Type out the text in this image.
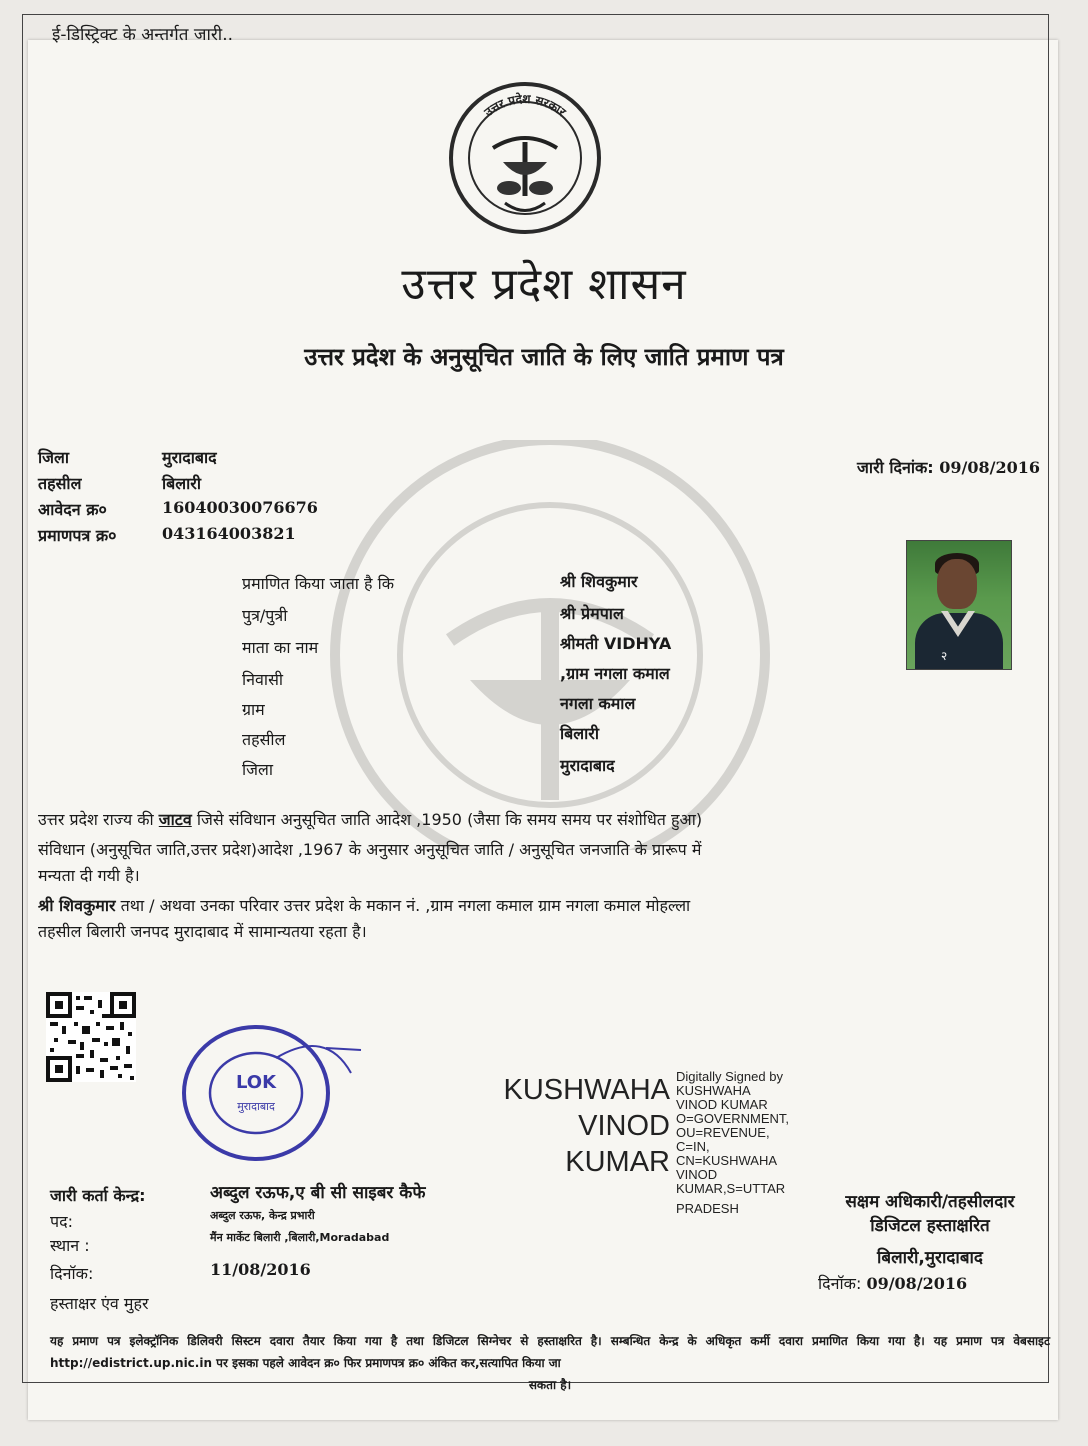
ई-डिस्ट्रिक्ट के अन्तर्गत जारी..
उत्तर प्रदेश सरकार
उत्तर प्रदेश शासन
उत्तर प्रदेश के अनुसूचित जाति के लिए जाति प्रमाण पत्र
जिला	मुरादाबाद
तहसील	बिलारी
आवेदन क्र०	16040030076676
प्रमाणपत्र क्र०	043164003821
जारी दिनांक: 09/08/2016
२
प्रमाणित किया जाता है कि	श्री शिवकुमार
पुत्र/पुत्री	श्री प्रेमपाल
माता का नाम	श्रीमती VIDHYA
निवासी	,ग्राम नगला कमाल
ग्राम	नगला कमाल
तहसील	बिलारी
जिला	मुरादाबाद
उत्तर प्रदेश राज्य की जाटव जिसे संविधान अनुसूचित जाति आदेश ,1950 (जैसा कि समय समय पर संशोधित हुआ)
संविधान (अनुसूचित जाति,उत्तर प्रदेश)आदेश ,1967 के अनुसार अनुसूचित जाति / अनुसूचित जनजाति के प्रारूप में
मन्यता दी गयी है।
श्री शिवकुमार तथा / अथवा उनका परिवार उत्तर प्रदेश के मकान नं. ,ग्राम नगला कमाल ग्राम नगला कमाल मोहल्ला
तहसील बिलारी जनपद मुरादाबाद में सामान्यतया रहता है।
LOK
मुरादाबाद
KUSHWAHA
VINOD
KUMAR
Digitally Signed by
KUSHWAHA
VINOD KUMAR
O=GOVERNMENT,
OU=REVENUE,
C=IN,
CN=KUSHWAHA
VINOD
KUMAR,S=UTTAR
PRADESH	सक्षम अधिकारी/तहसीलदार
डिजिटल हस्ताक्षरित
बिलारी,मुरादाबाद
दिनॉक: 09/08/2016
जारी कर्ता केन्द्र:	अब्दुल रऊफ,ए बी सी साइबर कैफे
पद:	अब्दुल रऊफ, केन्द्र प्रभारी
स्थान :	मैंन मार्केट बिलारी ,बिलारी,Moradabad
दिनॉक:	11/08/2016
हस्ताक्षर एंव मुहर
यह प्रमाण पत्र इलेक्ट्रॉनिक डिलिवरी सिस्टम दवारा तैयार किया गया है तथा डिजिटल सिग्नेचर से हस्ताक्षरित है। सम्बन्धित केन्द्र के अधिकृत कर्मी दवारा प्रमाणित किया गया है। यह प्रमाण पत्र वेबसाइट http://edistrict.up.nic.in पर इसका पहले आवेदन क्र० फिर प्रमाणपत्र क्र० अंकित कर,सत्यापित किया जा
सकता है।
